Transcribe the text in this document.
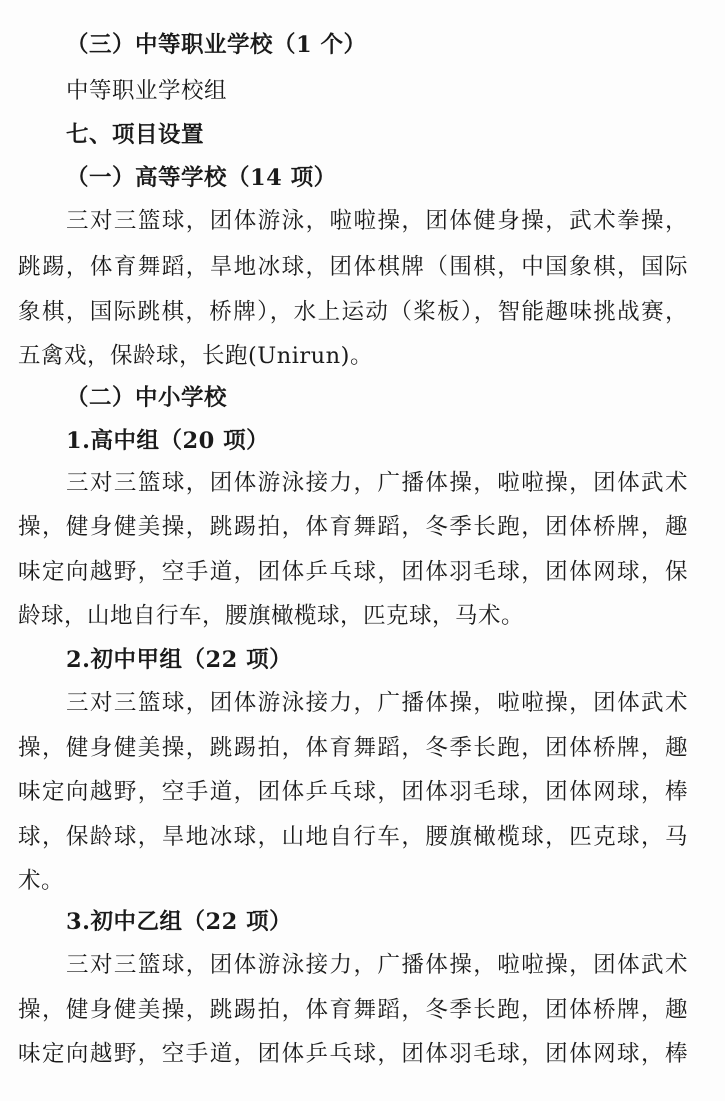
（三）中等职业学校（1 个）
中等职业学校组
七、项目设置
（一）高等学校（14 项）
三对三篮球，团体游泳，啦啦操，团体健身操，武术拳操，
跳踢，体育舞蹈，旱地冰球，团体棋牌（围棋，中国象棋，国际
象棋，国际跳棋，桥牌），水上运动（桨板），智能趣味挑战赛，
五禽戏，保龄球，长跑(Unirun)。
（二）中小学校
1.高中组（20 项）
三对三篮球，团体游泳接力，广播体操，啦啦操，团体武术
操，健身健美操，跳踢拍，体育舞蹈，冬季长跑，团体桥牌，趣
味定向越野，空手道，团体乒乓球，团体羽毛球，团体网球，保
龄球，山地自行车，腰旗橄榄球，匹克球，马术。
2.初中甲组（22 项）
三对三篮球，团体游泳接力，广播体操，啦啦操，团体武术
操，健身健美操，跳踢拍，体育舞蹈，冬季长跑，团体桥牌，趣
味定向越野，空手道，团体乒乓球，团体羽毛球，团体网球，棒
球，保龄球，旱地冰球，山地自行车，腰旗橄榄球，匹克球，马
术。
3.初中乙组（22 项）
三对三篮球，团体游泳接力，广播体操，啦啦操，团体武术
操，健身健美操，跳踢拍，体育舞蹈，冬季长跑，团体桥牌，趣
味定向越野，空手道，团体乒乓球，团体羽毛球，团体网球，棒
